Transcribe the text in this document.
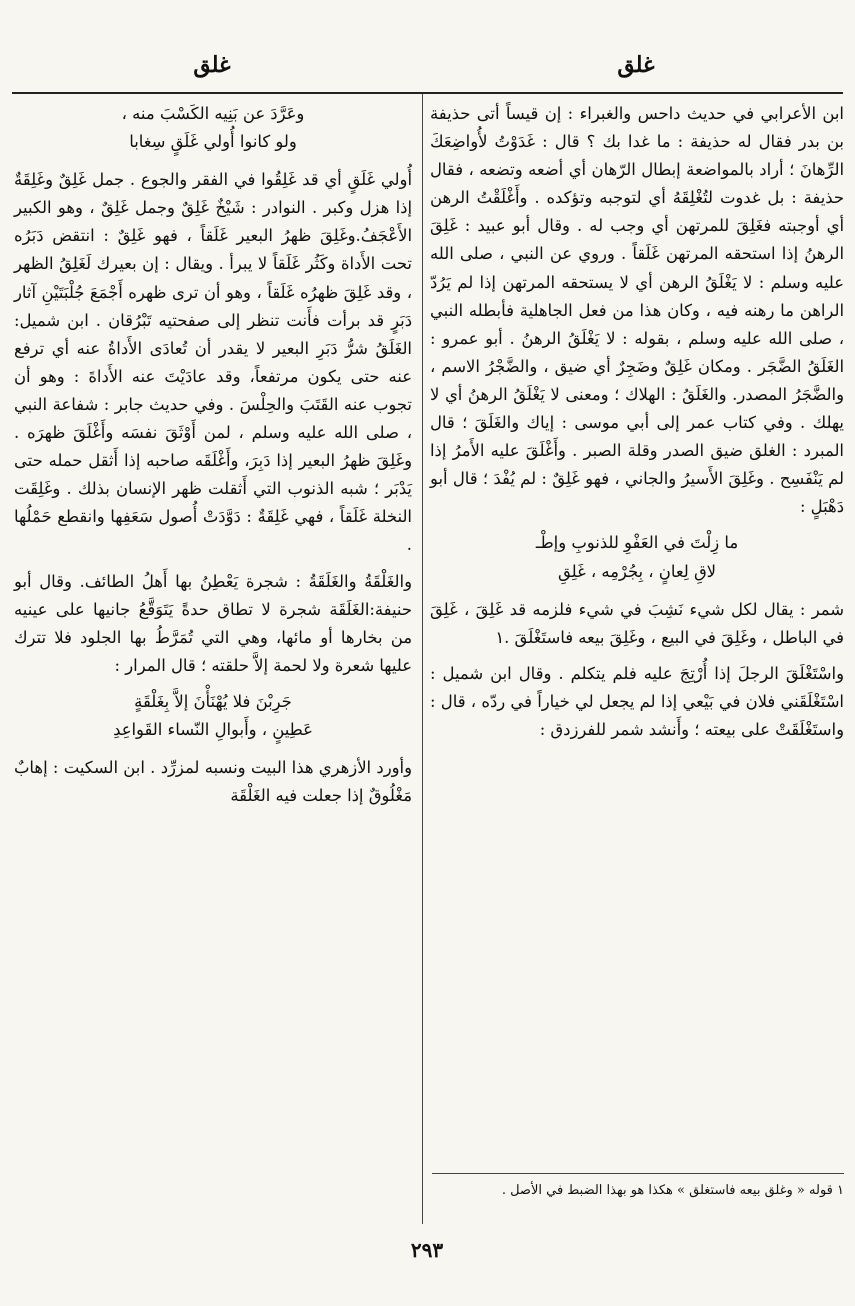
غلق
غلق

ابن الأعرابي في حديث داحس والغبراء : إن قيساً أتى حذيفة بن بدر فقال له حذيفة : ما غدا بك ؟ قال : غَدَوْتُ لأُواضِعَكَ الرِّهانَ ؛ أراد بالمواضعة إبطال الرّهان أي أضعه وتضعه ، فقال حذيفة : بل غدوت لتُغْلِقَهُ أي لتوجبه وتؤكده . وأَغْلَقْتُ الرهن أي أوجبته فغَلِقَ للمرتهن أي وجب له . وقال أبو عبيد : غَلِقَ الرهنُ إذا استحقه المرتهن غَلَقاً . وروي عن النبي ، صلى الله عليه وسلم : لا يَغْلَقُ الرهن أي لا يستحقه المرتهن إذا لم يَرُدّ الراهن ما رهنه فيه ، وكان هذا من فعل الجاهلية فأبطله النبي ، صلى الله عليه وسلم ، بقوله : لا يَغْلَقُ الرهنُ . أبو عمرو : الغَلَقُ الضَّجَر . ومكان غَلِقٌ وضَجِرٌ أي ضيق ، والضَّجْرُ الاسم ، والضَّجَرُ المصدر. والغَلَقُ : الهلاك ؛ ومعنى لا يَغْلَقُ الرهنُ أي لا يهلك . وفي كتاب عمر إلى أبي موسى : إياك والغَلَقَ ؛ قال المبرد : الغلق ضيق الصدر وقلة الصبر . وأَغْلَقَ عليه الأَمرُ إذا لم يَنْفَسِح . وغَلِقَ الأَسيرُ والجاني ، فهو غَلِقٌ : لم يُفْدَ ؛ قال أبو دَهْبَلٍ :

ما زِلْتَ في العَفْوِ للذنوبِ وإطْـ
لاقِ لِعانٍ ، بِجُرْمِه ، غَلِقِ

شمر : يقال لكل شيء نَشِبَ في شيء فلزمه قد غَلِقَ ، غَلِقَ في الباطل ، وغَلِقَ في البيع ، وغَلِقَ بيعه فاستَغْلَقَ .١

واسْتَغْلَقَ الرجلَ إذا أُرْتِجَ عليه فلم يتكلم . وقال ابن شميل : اسْتَغْلَقَني فلان في بَيْعي إذا لم يجعل لي خياراً في ردّه ، قال : واستَغْلَقَتْ على بيعته ؛ وأَنشد شمر للفرزدق :

١ قوله « وغلق بيعه فاستغلق » هكذا هو بهذا الضبط في الأصل .
وعَرَّدَ عن بَنِيه الكَسْبَ منه ،
ولو كانوا أُولي غَلَقٍ سِغابا

أُولي غَلَقٍ أي قد غَلِقُوا في الفقر والجوع . جمل غَلِقٌ وغَلِقَةٌ إذا هزل وكبر . النوادر : شَيْخٌ غَلِقٌ وجمل غَلِقٌ ، وهو الكبير الأَعْجَفُ.وغَلِقَ ظهرُ البعير غَلَقاً ، فهو غَلِقٌ : انتقض دَبَرُه تحت الأَداة وكَثُر غَلَقاً لا يبرأ . ويقال : إن بعيرك لَغَلِقُ الظهر ، وقد غَلِقَ ظهرُه غَلَقاً ، وهو أن ترى ظهره أَجْمَعَ جُلْبَتَيْنِ آثار دَبَرٍ قد برأت فأَنت تنظر إلى صفحتيه تَبْرُقان . ابن شميل: الغَلَقُ شرُّ دَبَرِ البعير لا يقدر أن تُعادَى الأَداةُ عنه أي ترفع عنه حتى يكون مرتفعاً، وقد عادَيْتَ عنه الأَداةَ : وهو أن تجوب عنه القَتَبَ والحِلْسَ . وفي حديث جابر : شفاعة النبي ، صلى الله عليه وسلم ، لمن أَوْثَقَ نفسَه وأَغْلَقَ ظهرَه . وغَلِقَ ظهرُ البعير إذا دَبِرَ، وأَغْلَقَه صاحبه إذا أَثقل حمله حتى يَدْبَر ؛ شبه الذنوب التي أَثقلت ظهر الإنسان بذلك . وغَلِقَت النخلة غَلَقاً ، فهي غَلِقَةٌ : دَوَّدَتْ أُصول سَعَفِها وانقطع حَمْلُها .

والغَلْقَةُ والغَلَقَةُ : شجرة يَعْطِنُ بها أَهلُ الطائف. وقال أبو حنيفة:الغَلَقَة شجرة لا تطاق حدةً يَتَوَقَّعُ جانيها على عينيه من بخارها أو مائها، وهي التي تُمَرَّطُ بها الجلود فلا تترك عليها شعرة ولا لحمة إلاَّ حلقته ؛ قال المرار :

جَرِبْنَ فلا يُهْنَأْنَ إلاَّ بِغَلْقَةٍ
عَطِينٍ ، وأَبوالِ النّساء القَواعِدِ

وأورد الأزهري هذا البيت ونسبه لمزرِّد . ابن السكيت : إهابٌ مَغْلُوقٌ إذا جعلت فيه الغَلْقَة

٢٩٣
